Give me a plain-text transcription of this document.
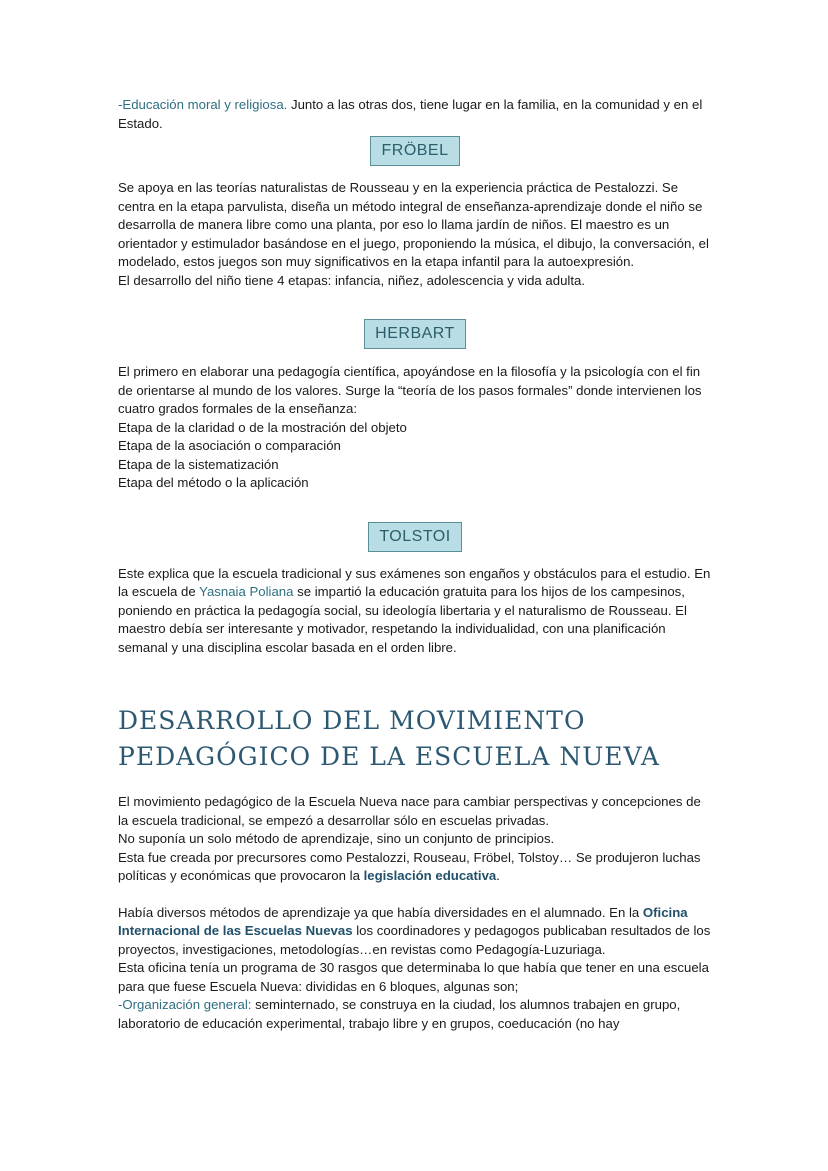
-Educación moral y religiosa. Junto a las otras dos, tiene lugar en la familia, en la comunidad y en el Estado.

FRÖBEL

Se apoya en las teorías naturalistas de Rousseau y en la experiencia práctica de Pestalozzi. Se centra en la etapa parvulista, diseña un método integral de enseñanza-aprendizaje donde el niño se desarrolla de manera libre como una planta, por eso lo llama jardín de niños. El maestro es un orientador y estimulador basándose en el juego, proponiendo la música, el dibujo, la conversación, el modelado, estos juegos son muy significativos en la etapa infantil para la autoexpresión.

El desarrollo del niño tiene 4 etapas: infancia, niñez, adolescencia y vida adulta.

HERBART

El primero en elaborar una pedagogía científica, apoyándose en la filosofía y la psicología con el fin de orientarse al mundo de los valores. Surge la “teoría de los pasos formales” donde intervienen los cuatro grados formales de la enseñanza:

Etapa de la claridad o de la mostración del objeto

Etapa de la asociación o comparación

Etapa de la sistematización

Etapa del método o la aplicación

TOLSTOI

Este explica que la escuela tradicional y sus exámenes son engaños y obstáculos para el estudio. En la escuela de Yasnaia Poliana se impartió la educación gratuita para los hijos de los campesinos, poniendo en práctica la pedagogía social, su ideología libertaria y el naturalismo de Rousseau. El maestro debía ser interesante y motivador, respetando la individualidad, con una planificación semanal y una disciplina escolar basada en el orden libre.

DESARROLLO DEL MOVIMIENTO
PEDAGÓGICO DE LA ESCUELA NUEVA

El movimiento pedagógico de la Escuela Nueva nace para cambiar perspectivas y concepciones de la escuela tradicional, se empezó a desarrollar sólo en escuelas privadas.

No suponía un solo método de aprendizaje, sino un conjunto de principios.

Esta fue creada por precursores como Pestalozzi, Rouseau, Fröbel, Tolstoy… Se produjeron luchas políticas y económicas que provocaron la legislación educativa.

Había diversos métodos de aprendizaje ya que había diversidades en el alumnado. En la Oficina Internacional de las Escuelas Nuevas los coordinadores y pedagogos publicaban resultados de los proyectos, investigaciones, metodologías…en revistas como Pedagogía-Luzuriaga.

Esta oficina tenía un programa de 30 rasgos que determinaba lo que había que tener en una escuela para que fuese Escuela Nueva: divididas en 6 bloques, algunas son;

-Organización general: seminternado, se construya en la ciudad, los alumnos trabajen en grupo, laboratorio de educación experimental, trabajo libre y en grupos, coeducación (no hay
